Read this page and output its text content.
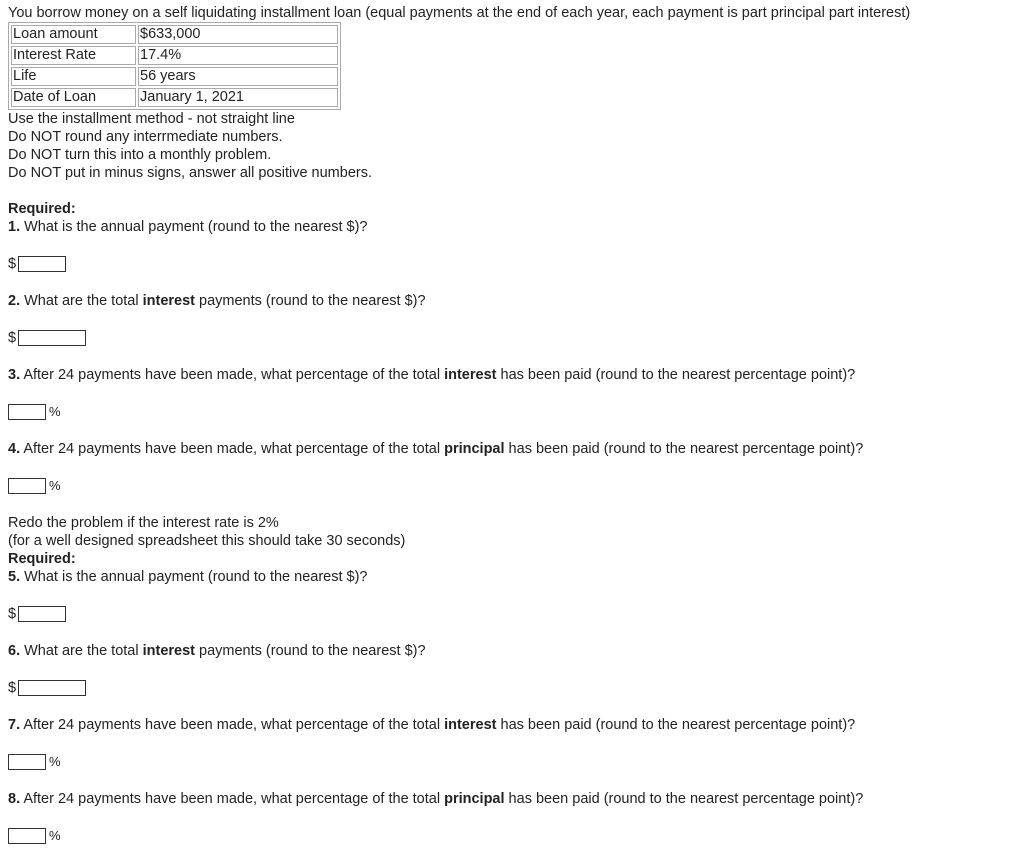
You borrow money on a self liquidating installment loan (equal payments at the end of each year, each payment is part principal part interest)
Loan amount	$633,000
Interest Rate	17.4%
Life	56 years
Date of Loan	January 1, 2021
Use the installment method - not straight line
Do NOT round any interrmediate numbers.
Do NOT turn this into a monthly problem.
Do NOT put in minus signs, answer all positive numbers.
Required:
1. What is the annual payment (round to the nearest $)?
$
2. What are the total interest payments (round to the nearest $)?
$
3. After 24 payments have been made, what percentage of the total interest has been paid (round to the nearest percentage point)?
%
4. After 24 payments have been made, what percentage of the total principal has been paid (round to the nearest percentage point)?
%
Redo the problem if the interest rate is 2%
(for a well designed spreadsheet this should take 30 seconds)
Required:
5. What is the annual payment (round to the nearest $)?
$
6. What are the total interest payments (round to the nearest $)?
$
7. After 24 payments have been made, what percentage of the total interest has been paid (round to the nearest percentage point)?
%
8. After 24 payments have been made, what percentage of the total principal has been paid (round to the nearest percentage point)?
%
